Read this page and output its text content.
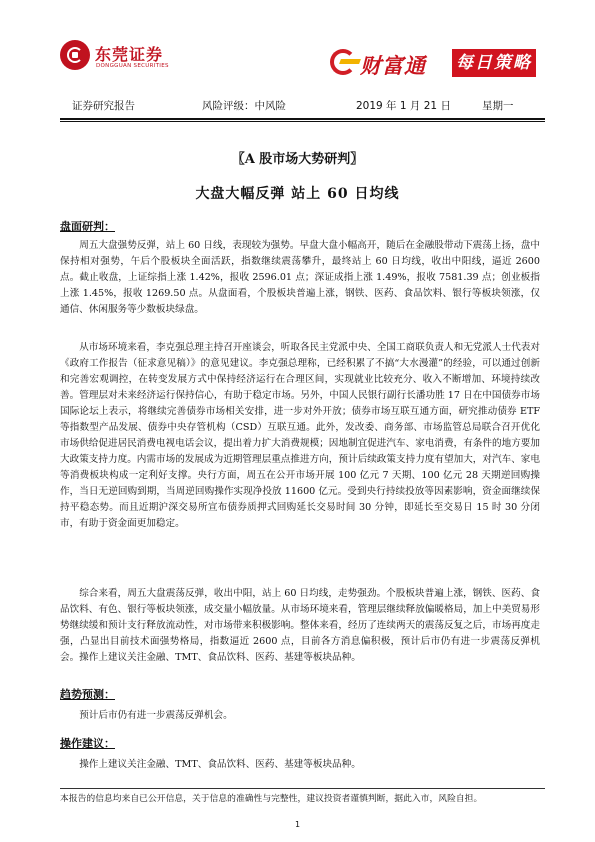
东莞证券
DONGGUAN SECURITIES	财富通 每日策略
证券研究报告	风险评级：中风险	2019 年 1 月 21 日	星期一
〖A 股市场大势研判〗
大盘大幅反弹 站上 60 日均线
盘面研判：

周五大盘强势反弹，站上 60 日线，表现较为强势。早盘大盘小幅高开，随后在金融股带动下震荡上扬，盘中保持相对强势，午后个股板块全面活跃，指数继续震荡攀升，最终站上 60 日均线，收出中阳线，逼近 2600 点。截止收盘，上证综指上涨 1.42%，报收 2596.01 点；深证成指上涨 1.49%，报收 7581.39 点；创业板指上涨 1.45%，报收 1269.50 点。从盘面看，个股板块普遍上涨，钢铁、医药、食品饮料、银行等板块领涨，仅通信、休闲服务等少数板块绿盘。

从市场环境来看，李克强总理主持召开座谈会，听取各民主党派中央、全国工商联负责人和无党派人士代表对《政府工作报告（征求意见稿）》的意见建议。李克强总理称，已经积累了不搞“大水漫灌”的经验，可以通过创新和完善宏观调控，在转变发展方式中保持经济运行在合理区间，实现就业比较充分、收入不断增加、环境持续改善。管理层对未来经济运行保持信心，有助于稳定市场。另外，中国人民银行副行长潘功胜 17 日在中国债券市场国际论坛上表示，将继续完善债券市场相关安排，进一步对外开放；债券市场互联互通方面，研究推动债券 ETF 等指数型产品发展、债券中央存管机构（CSD）互联互通。此外，发改委、商务部、市场监管总局联合召开优化市场供给促进居民消费电视电话会议，提出着力扩大消费规模；因地制宜促进汽车、家电消费，有条件的地方要加大政策支持力度。内需市场的发展成为近期管理层重点推进方向，预计后续政策支持力度有望加大，对汽车、家电等消费板块构成一定利好支撑。央行方面，周五在公开市场开展 100 亿元 7 天期、100 亿元 28 天期逆回购操作，当日无逆回购到期，当周逆回购操作实现净投放 11600 亿元。受到央行持续投放等因素影响，资金面继续保持平稳态势。而且近期沪深交易所宣布债券质押式回购延长交易时间 30 分钟，即延长至交易日 15 时 30 分闭市，有助于资金面更加稳定。

综合来看，周五大盘震荡反弹，收出中阳，站上 60 日均线，走势强劲。个股板块普遍上涨，钢铁、医药、食品饮料、有色、银行等板块领涨，成交量小幅放量。从市场环境来看，管理层继续释放偏暖格局，加上中美贸易形势继续缓和预计支行释放流动性，对市场带来积极影响。整体来看，经历了连续两天的震荡反复之后，市场再度走强，凸显出目前技术面强势格局，指数逼近 2600 点，目前各方消息偏积极，预计后市仍有进一步震荡反弹机会。操作上建议关注金融、TMT、食品饮料、医药、基建等板块品种。

趋势预测：

预计后市仍有进一步震荡反弹机会。

操作建议：

操作上建议关注金融、TMT、食品饮料、医药、基建等板块品种。

本报告的信息均来自已公开信息，关于信息的准确性与完整性，建议投资者谨慎判断，据此入市，风险自担。
1
